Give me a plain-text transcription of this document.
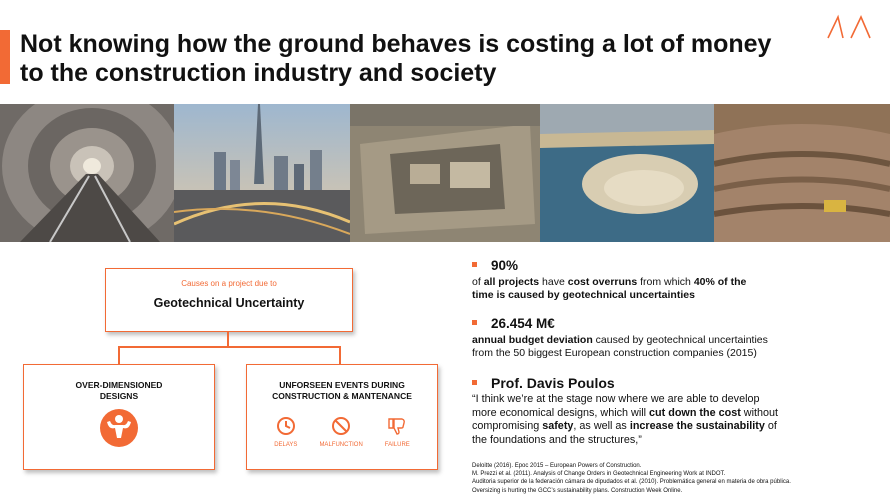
Not knowing how the ground behaves is costing a lot of money
to the construction industry and society
Causes on a project due to
Geotechnical Uncertainty
OVER-DIMENSIONED
DESIGNS
UNFORSEEN EVENTS DURING
CONSTRUCTION & MANTENANCE
DELAYS	MALFUNCTION	FAILURE
90%
of all projects have cost overruns from which 40% of the
time is caused by geotechnical uncertainties
26.454 M€
annual budget deviation caused by geotechnical uncertainties
from the 50 biggest European construction companies (2015)
Prof. Davis Poulos
“I think we’re at the stage now where we are able to develop
more economical designs, which will cut down the cost without
compromising safety, as well as increase the sustainability of
the foundations and the structures,”
Deloitte (2016). Epoc 2015 – European Powers of Construction.
M. Prezzi et al. (2011). Analysis of Change Orders in Geotechnical Engineering Work at INDOT.
Auditoria superior de la federación cámara de dipudados et al. (2010). Problemática general en materia de obra pública.
Oversizing is hurting the GCC’s sustainability plans. Construction Week Online.
